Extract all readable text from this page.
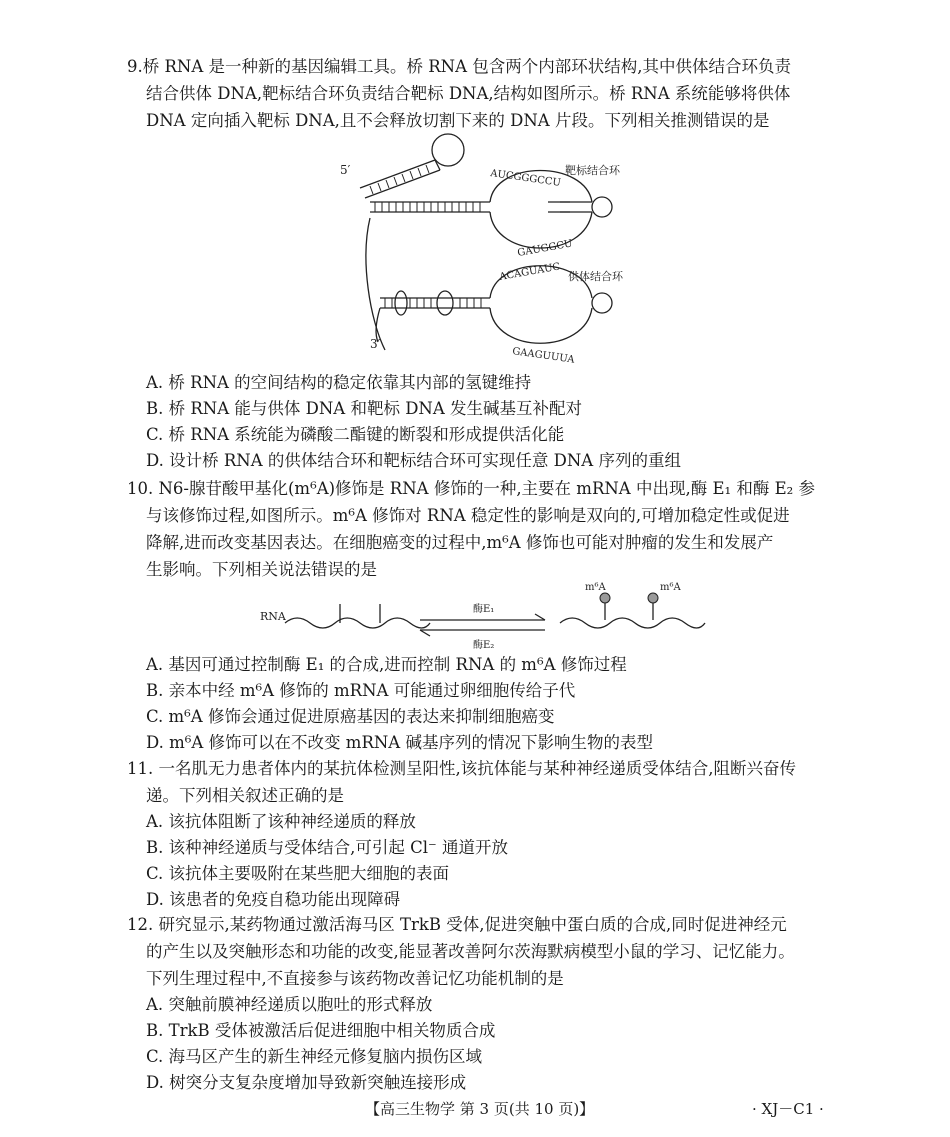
9.桥 RNA 是一种新的基因编辑工具。桥 RNA 包含两个内部环状结构,其中供体结合环负责
结合供体 DNA,靶标结合环负责结合靶标 DNA,结构如图所示。桥 RNA 系统能够将供体
DNA 定向插入靶标 DNA,且不会释放切割下来的 DNA 片段。下列相关推测错误的是
5′
3′
AUCGGGCCU
GAUGGCU
靶标结合环
ACAGUAUC
GAAGUUUA
供体结合环
A. 桥 RNA 的空间结构的稳定依靠其内部的氢键维持
B. 桥 RNA 能与供体 DNA 和靶标 DNA 发生碱基互补配对
C. 桥 RNA 系统能为磷酸二酯键的断裂和形成提供活化能
D. 设计桥 RNA 的供体结合环和靶标结合环可实现任意 DNA 序列的重组
10. N6-腺苷酸甲基化(m⁶A)修饰是 RNA 修饰的一种,主要在 mRNA 中出现,酶 E₁ 和酶 E₂ 参
与该修饰过程,如图所示。m⁶A 修饰对 RNA 稳定性的影响是双向的,可增加稳定性或促进
降解,进而改变基因表达。在细胞癌变的过程中,m⁶A 修饰也可能对肿瘤的发生和发展产
生影响。下列相关说法错误的是
RNA
酶E₁
酶E₂
m⁶A	m⁶A
A. 基因可通过控制酶 E₁ 的合成,进而控制 RNA 的 m⁶A 修饰过程
B. 亲本中经 m⁶A 修饰的 mRNA 可能通过卵细胞传给子代
C. m⁶A 修饰会通过促进原癌基因的表达来抑制细胞癌变
D. m⁶A 修饰可以在不改变 mRNA 碱基序列的情况下影响生物的表型
11. 一名肌无力患者体内的某抗体检测呈阳性,该抗体能与某种神经递质受体结合,阻断兴奋传
递。下列相关叙述正确的是
A. 该抗体阻断了该种神经递质的释放
B. 该种神经递质与受体结合,可引起 Cl⁻ 通道开放
C. 该抗体主要吸附在某些肥大细胞的表面
D. 该患者的免疫自稳功能出现障碍
12. 研究显示,某药物通过激活海马区 TrkB 受体,促进突触中蛋白质的合成,同时促进神经元
的产生以及突触形态和功能的改变,能显著改善阿尔茨海默病模型小鼠的学习、记忆能力。
下列生理过程中,不直接参与该药物改善记忆功能机制的是
A. 突触前膜神经递质以胞吐的形式释放
B. TrkB 受体被激活后促进细胞中相关物质合成
C. 海马区产生的新生神经元修复脑内损伤区域
D. 树突分支复杂度增加导致新突触连接形成
【高三生物学 第 3 页(共 10 页)】	· XJ－C1 ·
